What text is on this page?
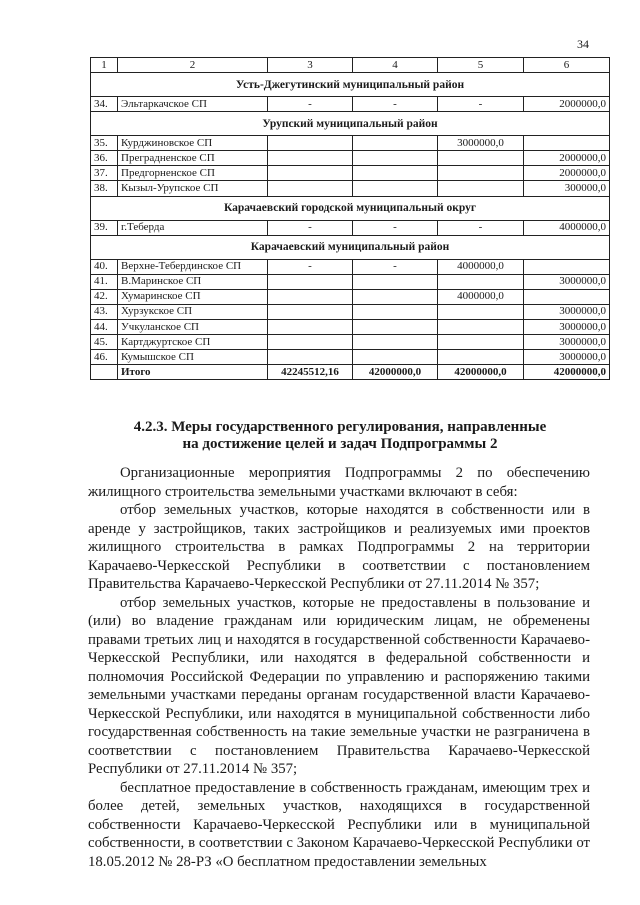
34
1	2	3	4	5	6
Усть-Джегутинский муниципальный район					
34.	Эльтаркачское СП	-	-	-	2000000,0
Урупский муниципальный район					
35.	Курджиновское СП			3000000,0	
36.	Преградненское СП				2000000,0
37.	Предгорненское СП				2000000,0
38.	Кызыл-Урупское СП				300000,0
Карачаевский городской муниципальный округ					
39.	г.Теберда	-	-	-	4000000,0
Карачаевский муниципальный район					
40.	Верхне-Тебердинское СП	-	-	4000000,0	
41.	В.Маринское СП				3000000,0
42.	Хумаринское СП			4000000,0	
43.	Хурзукское СП				3000000,0
44.	Учкуланское СП				3000000,0
45.	Картджуртское СП				3000000,0
46.	Кумышское СП				3000000,0
	Итого	42245512,16	42000000,0	42000000,0	42000000,0
4.2.3. Меры государственного регулирования, направленные
на достижение целей и задач Подпрограммы 2

Организационные мероприятия Подпрограммы 2 по обеспечению жилищного строительства земельными участками включают в себя:

отбор земельных участков, которые находятся в собственности или в аренде у застройщиков, таких застройщиков и реализуемых ими проектов жилищного строительства в рамках Подпрограммы 2 на территории Карачаево-Черкесской Республики в соответствии с постановлением Правительства Карачаево-Черкесской Республики от 27.11.2014 № 357;

отбор земельных участков, которые не предоставлены в пользование и (или) во владение гражданам или юридическим лицам, не обременены правами третьих лиц и находятся в государственной собственности Карачаево-Черкесской Республики, или находятся в федеральной собственности и полномочия Российской Федерации по управлению и распоряжению такими земельными участками переданы органам государственной власти Карачаево-Черкесской Республики, или находятся в муниципальной собственности либо государственная собственность на такие земельные участки не разграничена в соответствии с постановлением Правительства Карачаево-Черкесской Республики от 27.11.2014 № 357;

бесплатное предоставление в собственность гражданам, имеющим трех и более детей, земельных участков, находящихся в государственной собственности Карачаево-Черкесской Республики или в муниципальной собственности, в соответствии с Законом Карачаево-Черкесской Республики от 18.05.2012 № 28-РЗ «О бесплатном предоставлении земельных
